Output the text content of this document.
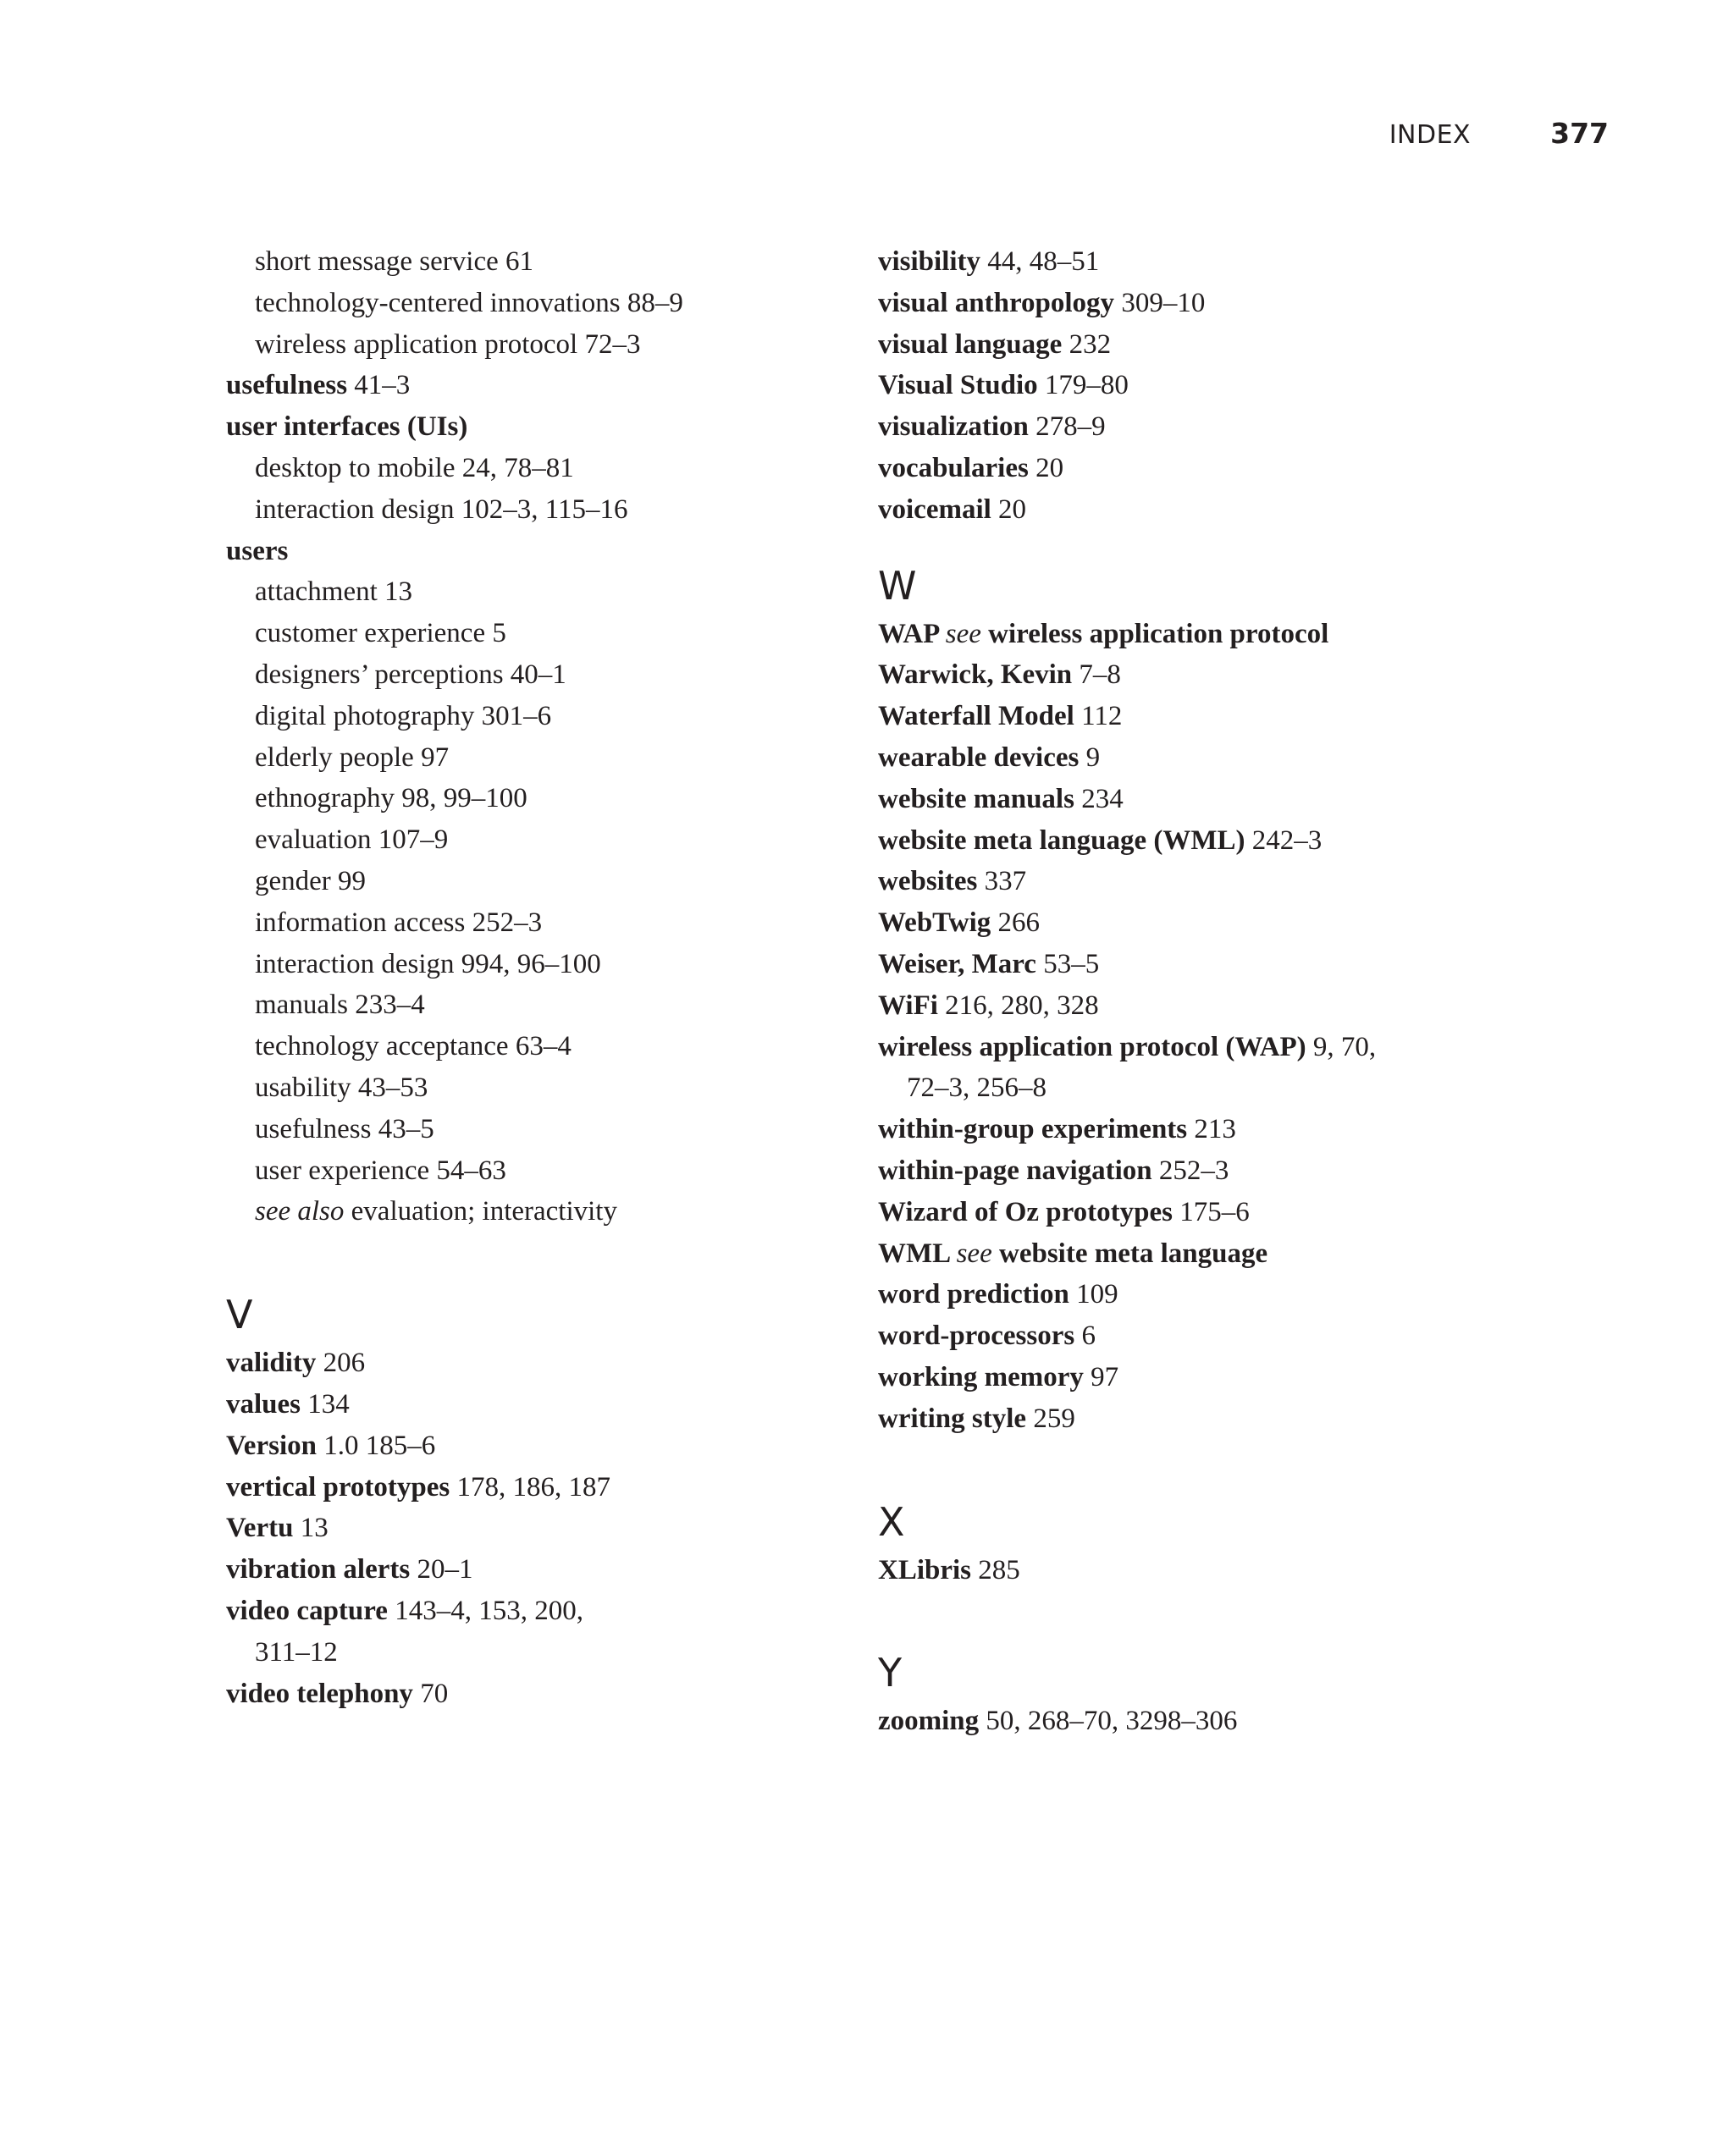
INDEX	377
short message service 61
technology-centered innovations 88–9
wireless application protocol 72–3
usefulness 41–3
user interfaces (UIs)
desktop to mobile 24, 78–81
interaction design 102–3, 115–16
users
attachment 13
customer experience 5
designers’ perceptions 40–1
digital photography 301–6
elderly people 97
ethnography 98, 99–100
evaluation 107–9
gender 99
information access 252–3
interaction design 994, 96–100
manuals 233–4
technology acceptance 63–4
usability 43–53
usefulness 43–5
user experience 54–63
see also evaluation; interactivity
V
validity 206
values 134
Version 1.0 185–6
vertical prototypes 178, 186, 187
Vertu 13
vibration alerts 20–1
video capture 143–4, 153, 200,
311–12
video telephony 70
visibility 44, 48–51
visual anthropology 309–10
visual language 232
Visual Studio 179–80
visualization 278–9
vocabularies 20
voicemail 20
W
WAP see wireless application protocol
Warwick, Kevin 7–8
Waterfall Model 112
wearable devices 9
website manuals 234
website meta language (WML) 242–3
websites 337
WebTwig 266
Weiser, Marc 53–5
WiFi 216, 280, 328
wireless application protocol (WAP) 9, 70,
72–3, 256–8
within-group experiments 213
within-page navigation 252–3
Wizard of Oz prototypes 175–6
WML see website meta language
word prediction 109
word-processors 6
working memory 97
writing style 259
X
XLibris 285
Y
zooming 50, 268–70, 3298–306
